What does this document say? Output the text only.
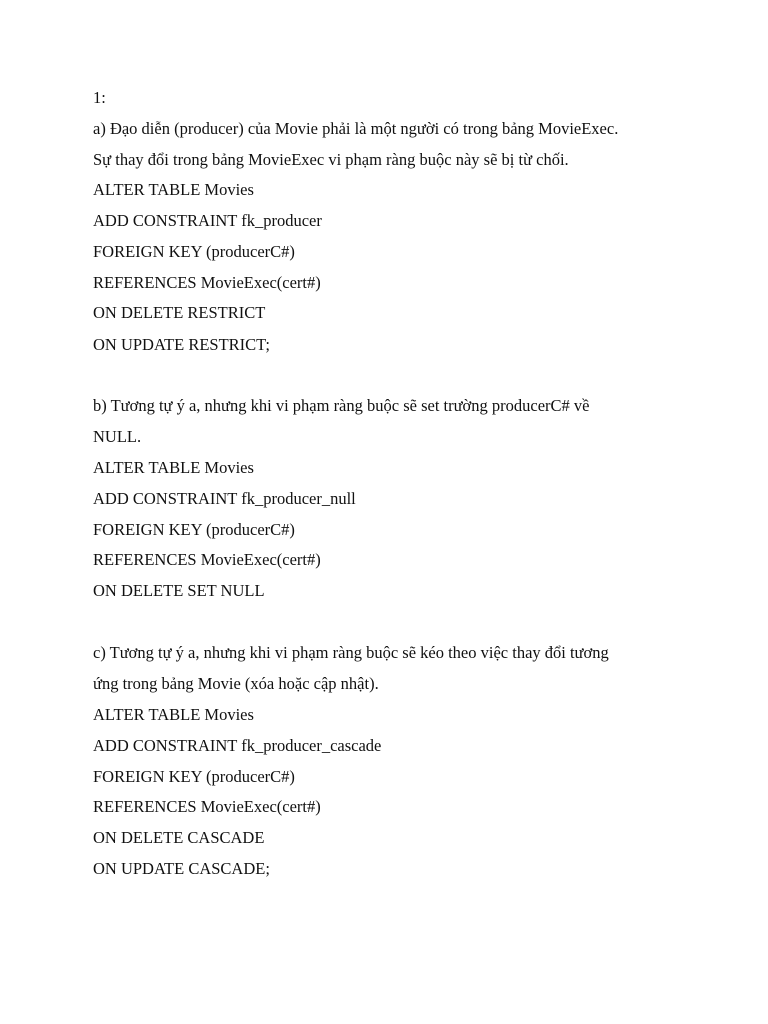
1:
a) Đạo diễn (producer) của Movie phải là một người có trong bảng MovieExec.
Sự thay đổi trong bảng MovieExec vi phạm ràng buộc này sẽ bị từ chối.
ALTER TABLE Movies
ADD CONSTRAINT fk_producer
FOREIGN KEY (producerC#)
REFERENCES MovieExec(cert#)
ON DELETE RESTRICT
ON UPDATE RESTRICT;
b) Tương tự ý a, nhưng khi vi phạm ràng buộc sẽ set trường producerC# về
NULL.
ALTER TABLE Movies
ADD CONSTRAINT fk_producer_null
FOREIGN KEY (producerC#)
REFERENCES MovieExec(cert#)
ON DELETE SET NULL
c) Tương tự ý a, nhưng khi vi phạm ràng buộc sẽ kéo theo việc thay đổi tương
ứng trong bảng Movie (xóa hoặc cập nhật).
ALTER TABLE Movies
ADD CONSTRAINT fk_producer_cascade
FOREIGN KEY (producerC#)
REFERENCES MovieExec(cert#)
ON DELETE CASCADE
ON UPDATE CASCADE;
